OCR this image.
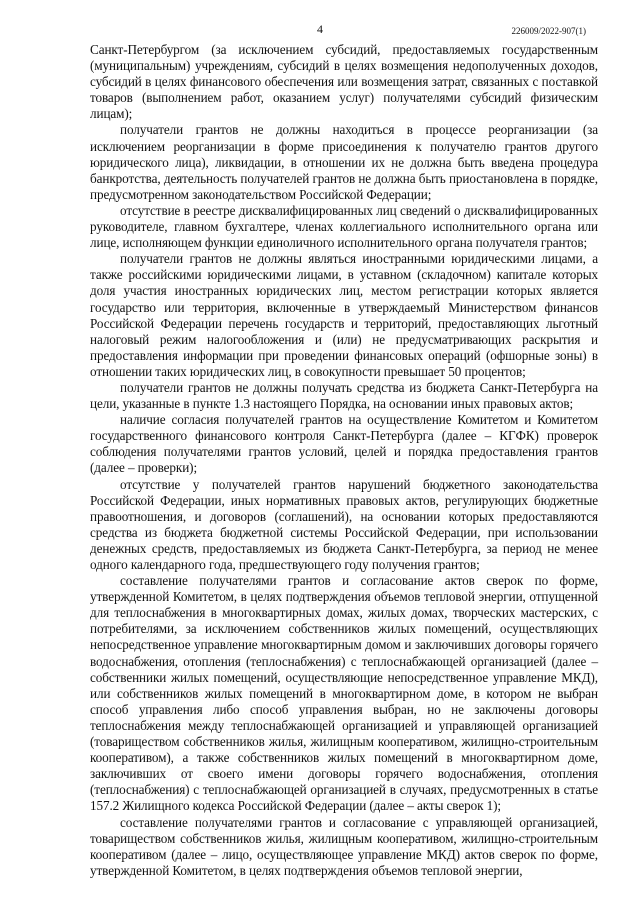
4	226009/2022-907(1)

Санкт-Петербургом (за исключением субсидий, предоставляемых государственным (муниципальным) учреждениям, субсидий в целях возмещения недополученных доходов, субсидий в целях финансового обеспечения или возмещения затрат, связанных с поставкой товаров (выполнением работ, оказанием услуг) получателями субсидий физическим лицам);

получатели грантов не должны находиться в процессе реорганизации (за исключением реорганизации в форме присоединения к получателю грантов другого юридического лица), ликвидации, в отношении их не должна быть введена процедура банкротства, деятельность получателей грантов не должна быть приостановлена в порядке, предусмотренном законодательством Российской Федерации;

отсутствие в реестре дисквалифицированных лиц сведений о дисквалифицированных руководителе, главном бухгалтере, членах коллегиального исполнительного органа или лице, исполняющем функции единоличного исполнительного органа получателя грантов;

получатели грантов не должны являться иностранными юридическими лицами, а также российскими юридическими лицами, в уставном (складочном) капитале которых доля участия иностранных юридических лиц, местом регистрации которых является государство или территория, включенные в утверждаемый Министерством финансов Российской Федерации перечень государств и территорий, предоставляющих льготный налоговый режим налогообложения и (или) не предусматривающих раскрытия и предоставления информации при проведении финансовых операций (офшорные зоны) в отношении таких юридических лиц, в совокупности превышает 50 процентов;

получатели грантов не должны получать средства из бюджета Санкт-Петербурга на цели, указанные в пункте 1.3 настоящего Порядка, на основании иных правовых актов;

наличие согласия получателей грантов на осуществление Комитетом и Комитетом государственного финансового контроля Санкт-Петербурга (далее – КГФК) проверок соблюдения получателями грантов условий, целей и порядка предоставления грантов (далее – проверки);

отсутствие у получателей грантов нарушений бюджетного законодательства Российской Федерации, иных нормативных правовых актов, регулирующих бюджетные правоотношения, и договоров (соглашений), на основании которых предоставляются средства из бюджета бюджетной системы Российской Федерации, при использовании денежных средств, предоставляемых из бюджета Санкт-Петербурга, за период не менее одного календарного года, предшествующего году получения грантов;

составление получателями грантов и согласование актов сверок по форме, утвержденной Комитетом, в целях подтверждения объемов тепловой энергии, отпущенной для теплоснабжения в многоквартирных домах, жилых домах, творческих мастерских, с потребителями, за исключением собственников жилых помещений, осуществляющих непосредственное управление многоквартирным домом и заключивших договоры горячего водоснабжения, отопления (теплоснабжения) с теплоснабжающей организацией (далее – собственники жилых помещений, осуществляющие непосредственное управление МКД), или собственников жилых помещений в многоквартирном доме, в котором не выбран способ управления либо способ управления выбран, но не заключены договоры теплоснабжения между теплоснабжающей организацией и управляющей организацией (товариществом собственников жилья, жилищным кооперативом, жилищно-строительным кооперативом), а также собственников жилых помещений в многоквартирном доме, заключивших от своего имени договоры горячего водоснабжения, отопления (теплоснабжения) с теплоснабжающей организацией в случаях, предусмотренных в статье 157.2 Жилищного кодекса Российской Федерации (далее – акты сверок 1);

составление получателями грантов и согласование с управляющей организацией, товариществом собственников жилья, жилищным кооперативом, жилищно-строительным кооперативом (далее – лицо, осуществляющее управление МКД) актов сверок по форме, утвержденной Комитетом, в целях подтверждения объемов тепловой энергии,
